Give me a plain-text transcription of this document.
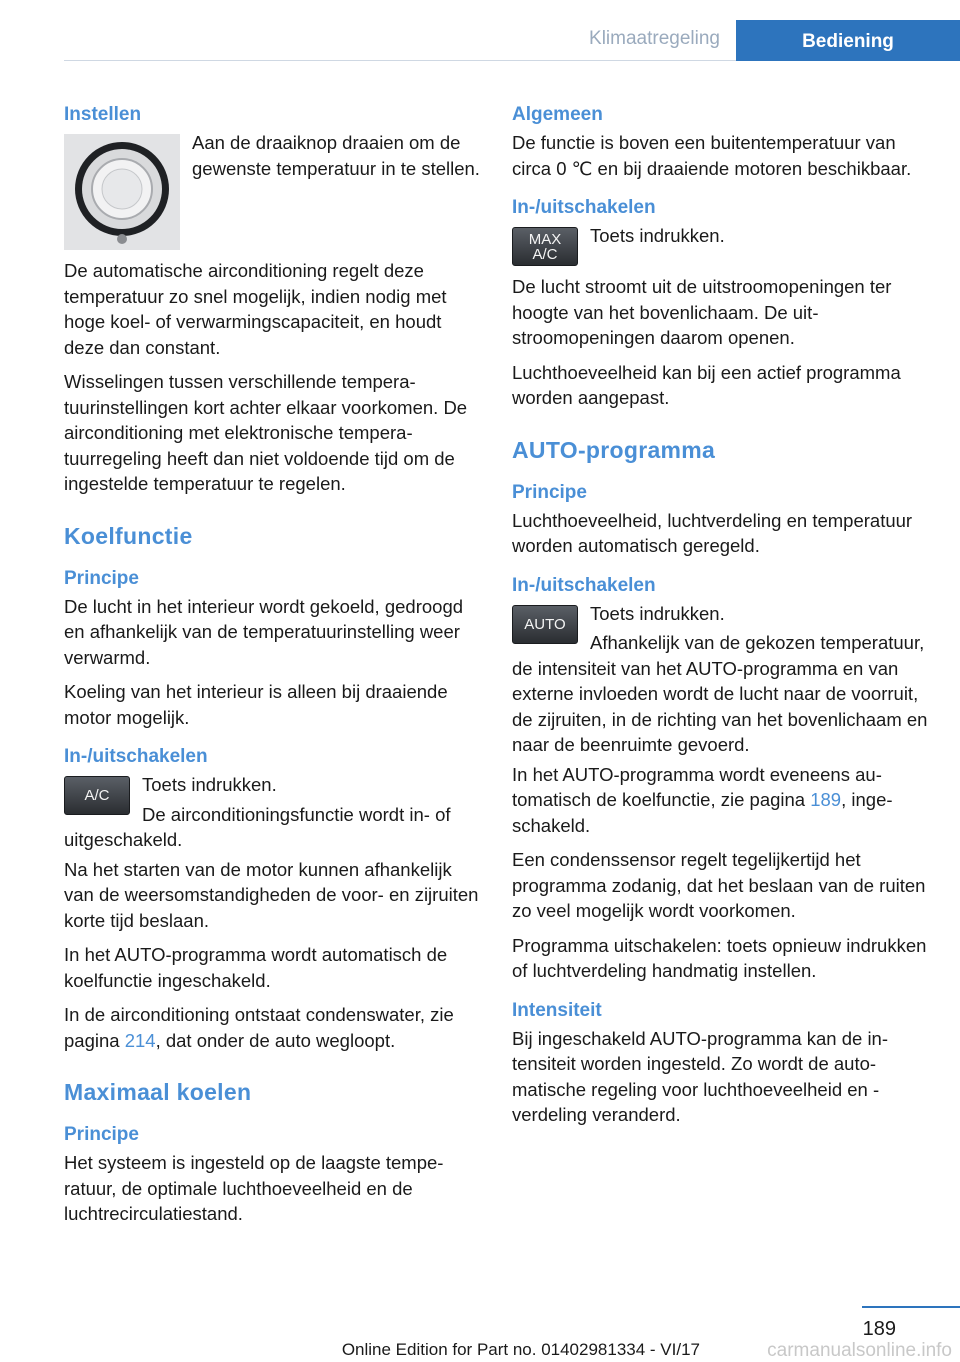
Klimaatregeling	Bediening
Instellen

Aan de draaiknop draaien om de gewenste temperatuur in te stellen.

De automatische airconditioning regelt deze temperatuur zo snel mogelijk, indien nodig met hoge koel- of verwarmingscapaciteit, en houdt deze dan constant.

Wisselingen tussen verschillende temperatuurinstellingen kort achter elkaar voorkomen. De airconditioning met elektronische temperatuurregeling heeft dan niet voldoende tijd om de ingestelde temperatuur te regelen.

Koelfunctie
Principe

De lucht in het interieur wordt gekoeld, gedroogd en afhankelijk van de temperatuurinstelling weer verwarmd.

Koeling van het interieur is alleen bij draaiende motor mogelijk.

In-/uitschakelen
A/C

Toets indrukken.

De airconditioningsfunctie wordt in- of uitgeschakeld.

Na het starten van de motor kunnen afhankelijk van de weersomstandigheden de voor- en zijruiten korte tijd beslaan.

In het AUTO-programma wordt automatisch de koelfunctie ingeschakeld.

In de airconditioning ontstaat condenswater, zie pagina 214, dat onder de auto wegloopt.

Maximaal koelen
Principe

Het systeem is ingesteld op de laagste temperatuur, de optimale luchthoeveelheid en de luchtrecirculatiestand.

Algemeen

De functie is boven een buitentemperatuur van circa 0 ℃ en bij draaiende motoren beschikbaar.

In-/uitschakelen
MAX
A/C

Toets indrukken.

De lucht stroomt uit de uitstroomopeningen ter hoogte van het bovenlichaam. De uitstroomopeningen daarom openen.

Luchthoeveelheid kan bij een actief programma worden aangepast.

AUTO-programma
Principe

Luchthoeveelheid, luchtverdeling en temperatuur worden automatisch geregeld.

In-/uitschakelen
AUTO

Toets indrukken.

Afhankelijk van de gekozen temperatuur, de intensiteit van het AUTO-programma en van externe invloeden wordt de lucht naar de voorruit, de zijruiten, in de richting van het bovenlichaam en naar de beenruimte gevoerd.

In het AUTO-programma wordt eveneens automatisch de koelfunctie, zie pagina 189, ingeschakeld.

Een condenssensor regelt tegelijkertijd het programma zodanig, dat het beslaan van de ruiten zo veel mogelijk wordt voorkomen.

Programma uitschakelen: toets opnieuw indrukken of luchtverdeling handmatig instellen.

Intensiteit

Bij ingeschakeld AUTO-programma kan de intensiteit worden ingesteld. Zo wordt de automatische regeling voor luchthoeveelheid en -verdeling veranderd.

189
Online Edition for Part no. 01402981334 - VI/17	carmanualsonline.info
